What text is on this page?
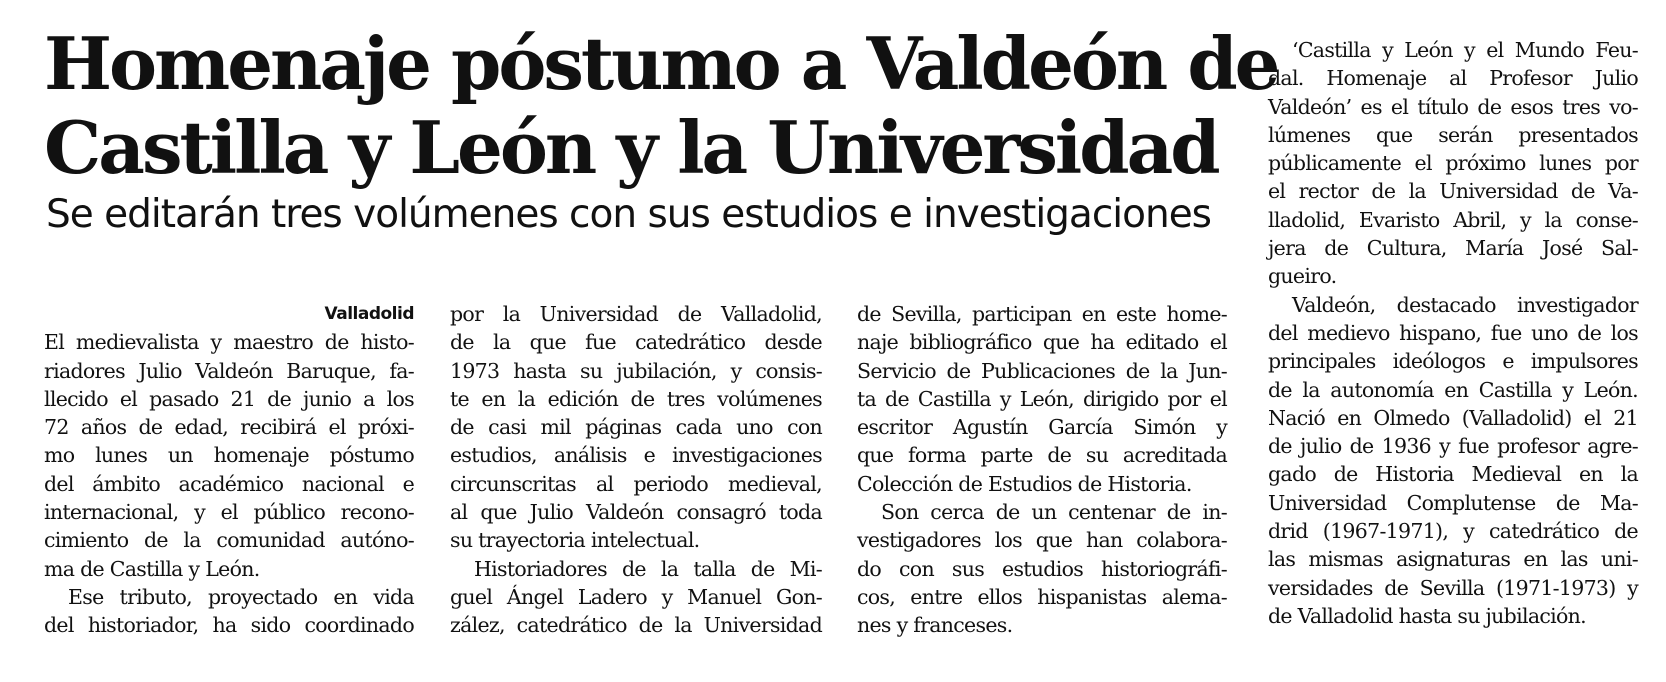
Homenaje póstumo a Valdeón de
Castilla y León y la Universidad
Se editarán tres volúmenes con sus estudios e investigaciones
Valladolid
El medievalista y maestro de histo-
riadores Julio Valdeón Baruque, fa-
llecido el pasado 21 de junio a los
72 años de edad, recibirá el próxi-
mo lunes un homenaje póstumo
del ámbito académico nacional e
internacional, y el público recono-
cimiento de la comunidad autóno-
ma de Castilla y León.
Ese tributo, proyectado en vida
del historiador, ha sido coordinado
por la Universidad de Valladolid,
de la que fue catedrático desde
1973 hasta su jubilación, y consis-
te en la edición de tres volúmenes
de casi mil páginas cada uno con
estudios, análisis e investigaciones
circunscritas al periodo medieval,
al que Julio Valdeón consagró toda
su trayectoria intelectual.
Historiadores de la talla de Mi-
guel Ángel Ladero y Manuel Gon-
zález, catedrático de la Universidad
de Sevilla, participan en este home-
naje bibliográfico que ha editado el
Servicio de Publicaciones de la Jun-
ta de Castilla y León, dirigido por el
escritor Agustín García Simón y
que forma parte de su acreditada
Colección de Estudios de Historia.
Son cerca de un centenar de in-
vestigadores los que han colabora-
do con sus estudios historiográfi-
cos, entre ellos hispanistas alema-
nes y franceses.
‘Castilla y León y el Mundo Feu-
dal. Homenaje al Profesor Julio
Valdeón’ es el título de esos tres vo-
lúmenes que serán presentados
públicamente el próximo lunes por
el rector de la Universidad de Va-
lladolid, Evaristo Abril, y la conse-
jera de Cultura, María José Sal-
gueiro.
Valdeón, destacado investigador
del medievo hispano, fue uno de los
principales ideólogos e impulsores
de la autonomía en Castilla y León.
Nació en Olmedo (Valladolid) el 21
de julio de 1936 y fue profesor agre-
gado de Historia Medieval en la
Universidad Complutense de Ma-
drid (1967-1971), y catedrático de
las mismas asignaturas en las uni-
versidades de Sevilla (1971-1973) y
de Valladolid hasta su jubilación.
